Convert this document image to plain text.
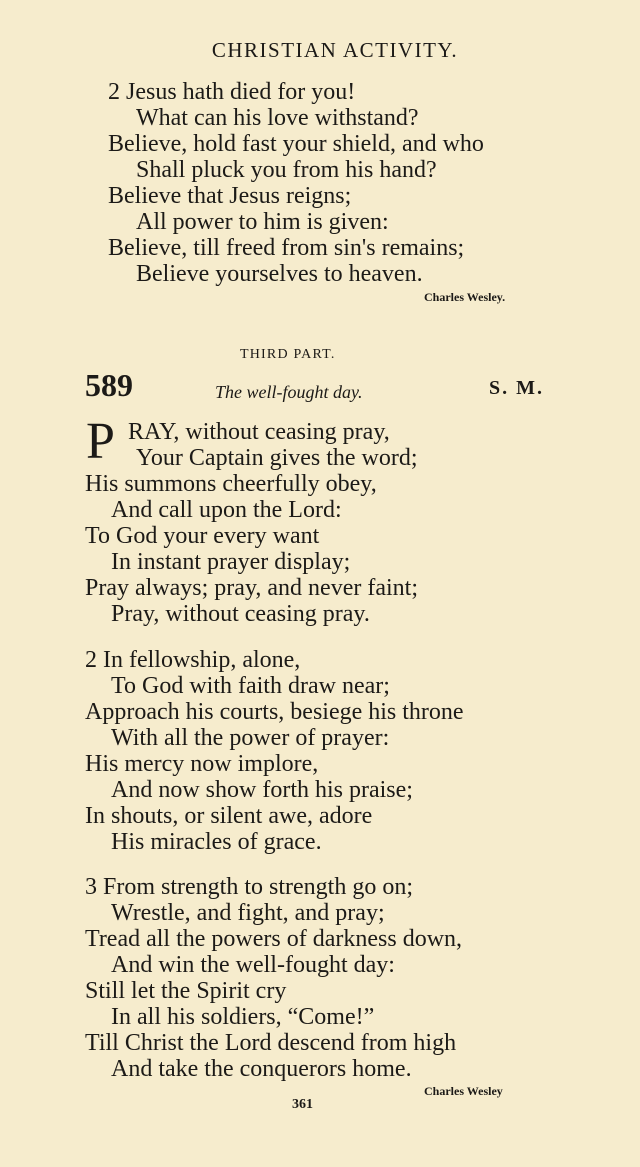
CHRISTIAN ACTIVITY.
2 Jesus hath died for you!
What can his love withstand?
Believe, hold fast your shield, and who
Shall pluck you from his hand?
Believe that Jesus reigns;
All power to him is given:
Believe, till freed from sin's remains;
Believe yourselves to heaven.
Charles Wesley.
THIRD PART.
589	The well-fought day.	S. M.
P RAY, without ceasing pray,
Your Captain gives the word;
His summons cheerfully obey,
And call upon the Lord:
To God your every want
In instant prayer display;
Pray always; pray, and never faint;
Pray, without ceasing pray.
2 In fellowship, alone,
To God with faith draw near;
Approach his courts, besiege his throne
With all the power of prayer:
His mercy now implore,
And now show forth his praise;
In shouts, or silent awe, adore
His miracles of grace.
3 From strength to strength go on;
Wrestle, and fight, and pray;
Tread all the powers of darkness down,
And win the well-fought day:
Still let the Spirit cry
In all his soldiers, “Come!”
Till Christ the Lord descend from high
And take the conquerors home.
Charles Wesley
361
